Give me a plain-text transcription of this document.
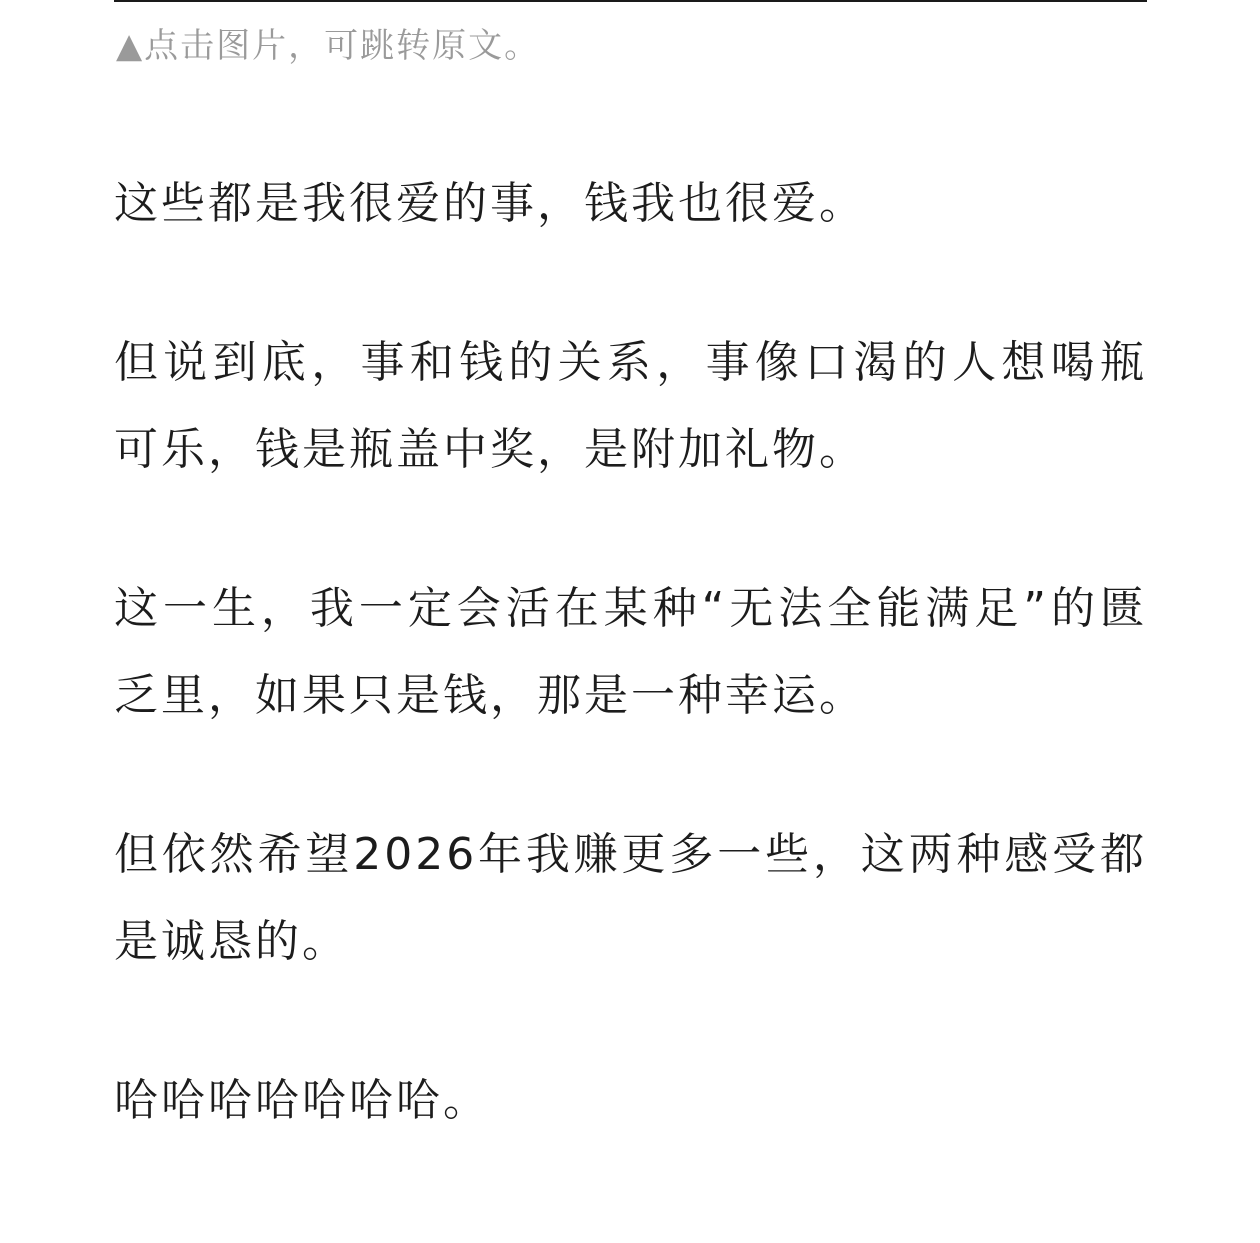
▲点击图片，可跳转原文。

这些都是我很爱的事，钱我也很爱。

但说到底，事和钱的关系，事像口渴的人想喝瓶可乐，钱是瓶盖中奖，是附加礼物。

这一生，我一定会活在某种“无法全能满足”的匮乏里，如果只是钱，那是一种幸运。

但依然希望2026年我赚更多一些，这两种感受都是诚恳的。

哈哈哈哈哈哈哈。
